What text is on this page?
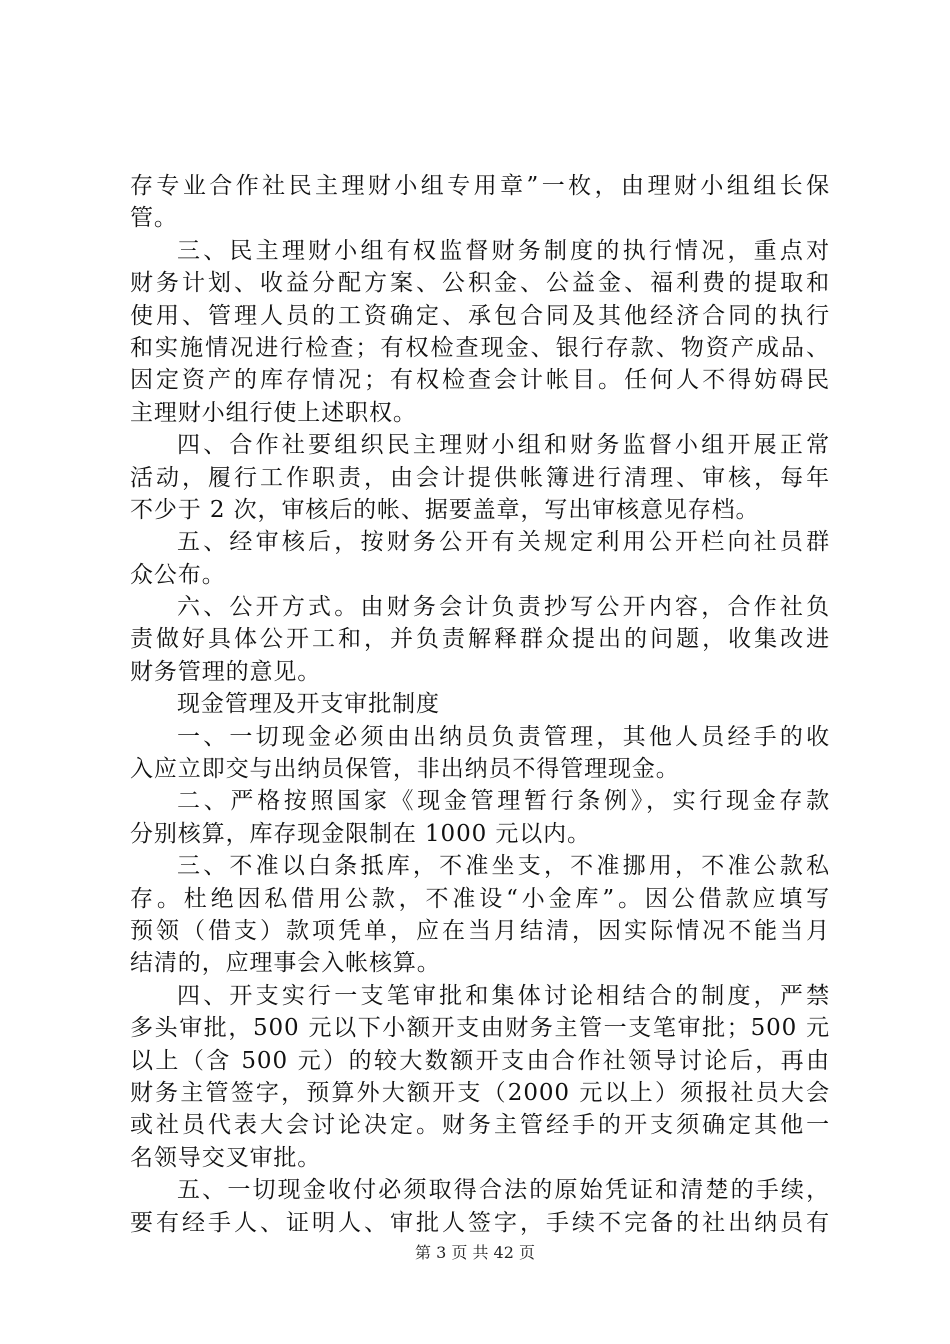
存专业合作社民主理财小组专用章”一枚，由理财小组组长保
管。
三、民主理财小组有权监督财务制度的执行情况，重点对
财务计划、收益分配方案、公积金、公益金、福利费的提取和
使用、管理人员的工资确定、承包合同及其他经济合同的执行
和实施情况进行检查；有权检查现金、银行存款、物资产成品、
因定资产的库存情况；有权检查会计帐目。任何人不得妨碍民
主理财小组行使上述职权。
四、合作社要组织民主理财小组和财务监督小组开展正常
活动，履行工作职责，由会计提供帐簿进行清理、审核，每年
不少于 2 次，审核后的帐、据要盖章，写出审核意见存档。
五、经审核后，按财务公开有关规定利用公开栏向社员群
众公布。
六、公开方式。由财务会计负责抄写公开内容，合作社负
责做好具体公开工和，并负责解释群众提出的问题，收集改进
财务管理的意见。
现金管理及开支审批制度
一、一切现金必须由出纳员负责管理，其他人员经手的收
入应立即交与出纳员保管，非出纳员不得管理现金。
二、严格按照国家《现金管理暂行条例》，实行现金存款
分别核算，库存现金限制在 1000 元以内。
三、不准以白条抵库，不准坐支，不准挪用，不准公款私
存。杜绝因私借用公款，不准设“小金库”。因公借款应填写
预领（借支）款项凭单，应在当月结清，因实际情况不能当月
结清的，应理事会入帐核算。
四、开支实行一支笔审批和集体讨论相结合的制度，严禁
多头审批，500 元以下小额开支由财务主管一支笔审批；500 元
以上（含 500 元）的较大数额开支由合作社领导讨论后，再由
财务主管签字，预算外大额开支（2000 元以上）须报社员大会
或社员代表大会讨论决定。财务主管经手的开支须确定其他一
名领导交叉审批。
五、一切现金收付必须取得合法的原始凭证和清楚的手续，
要有经手人、证明人、审批人签字，手续不完备的社出纳员有
第 3 页 共 42 页
